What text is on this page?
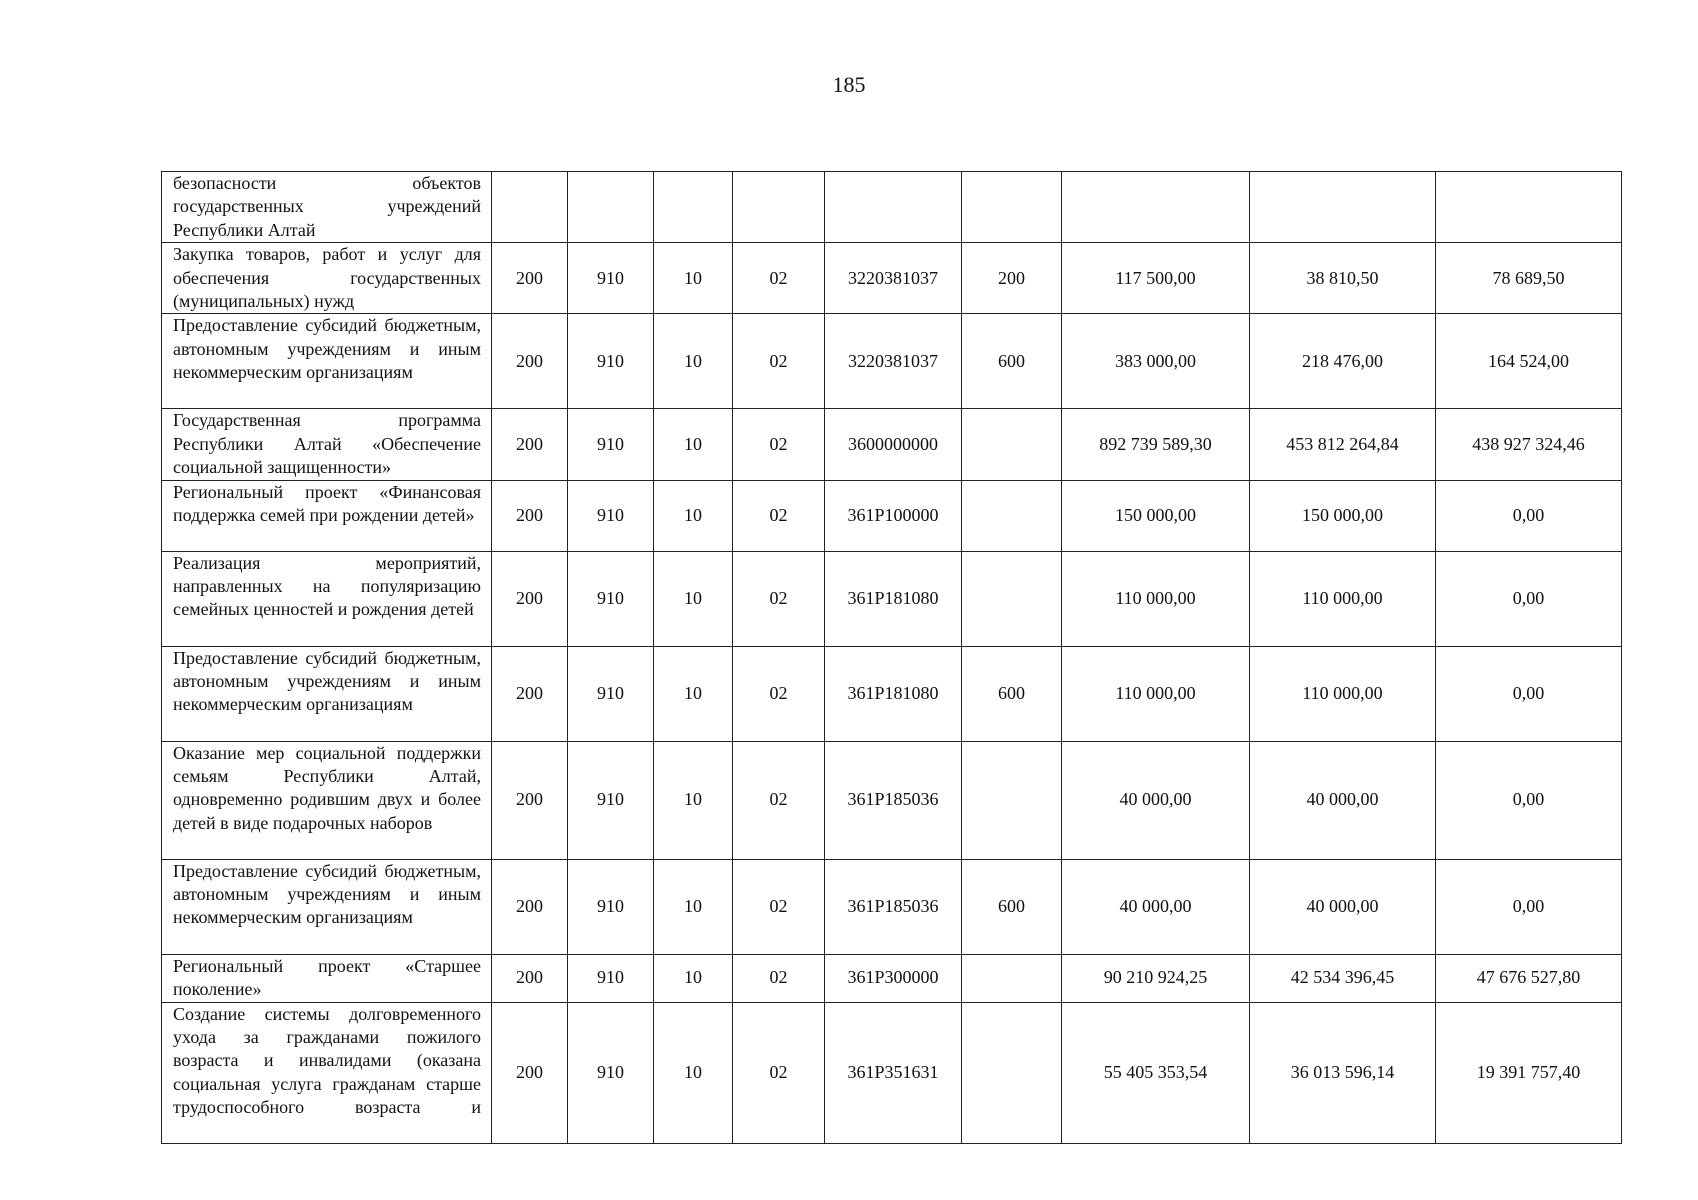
185
безопасности объектов государственных учреждений Республики Алтай									
Закупка товаров, работ и услуг для обеспечения государственных (муниципальных) нужд	200	910	10	02	3220381037	200	117 500,00	38 810,50	78 689,50
Предоставление субсидий бюджетным, автономным учреждениям и иным некоммерческим организациям	200	910	10	02	3220381037	600	383 000,00	218 476,00	164 524,00
Государственная программа Республики Алтай «Обеспечение социальной защищенности»	200	910	10	02	3600000000		892 739 589,30	453 812 264,84	438 927 324,46
Региональный проект «Финансовая поддержка семей при рождении детей»	200	910	10	02	361P100000		150 000,00	150 000,00	0,00
Реализация мероприятий, направленных на популяризацию семейных ценностей и рождения детей	200	910	10	02	361P181080		110 000,00	110 000,00	0,00
Предоставление субсидий бюджетным, автономным учреждениям и иным некоммерческим организациям	200	910	10	02	361P181080	600	110 000,00	110 000,00	0,00
Оказание мер социальной поддержки семьям Республики Алтай, одновременно родившим двух и более детей в виде подарочных наборов	200	910	10	02	361P185036		40 000,00	40 000,00	0,00
Предоставление субсидий бюджетным, автономным учреждениям и иным некоммерческим организациям	200	910	10	02	361P185036	600	40 000,00	40 000,00	0,00
Региональный проект «Старшее поколение»	200	910	10	02	361P300000		90 210 924,25	42 534 396,45	47 676 527,80
Создание системы долговременного ухода за гражданами пожилого возраста и инвалидами (оказана социальная услуга гражданам старше трудоспособного возраста и	200	910	10	02	361P351631		55 405 353,54	36 013 596,14	19 391 757,40
